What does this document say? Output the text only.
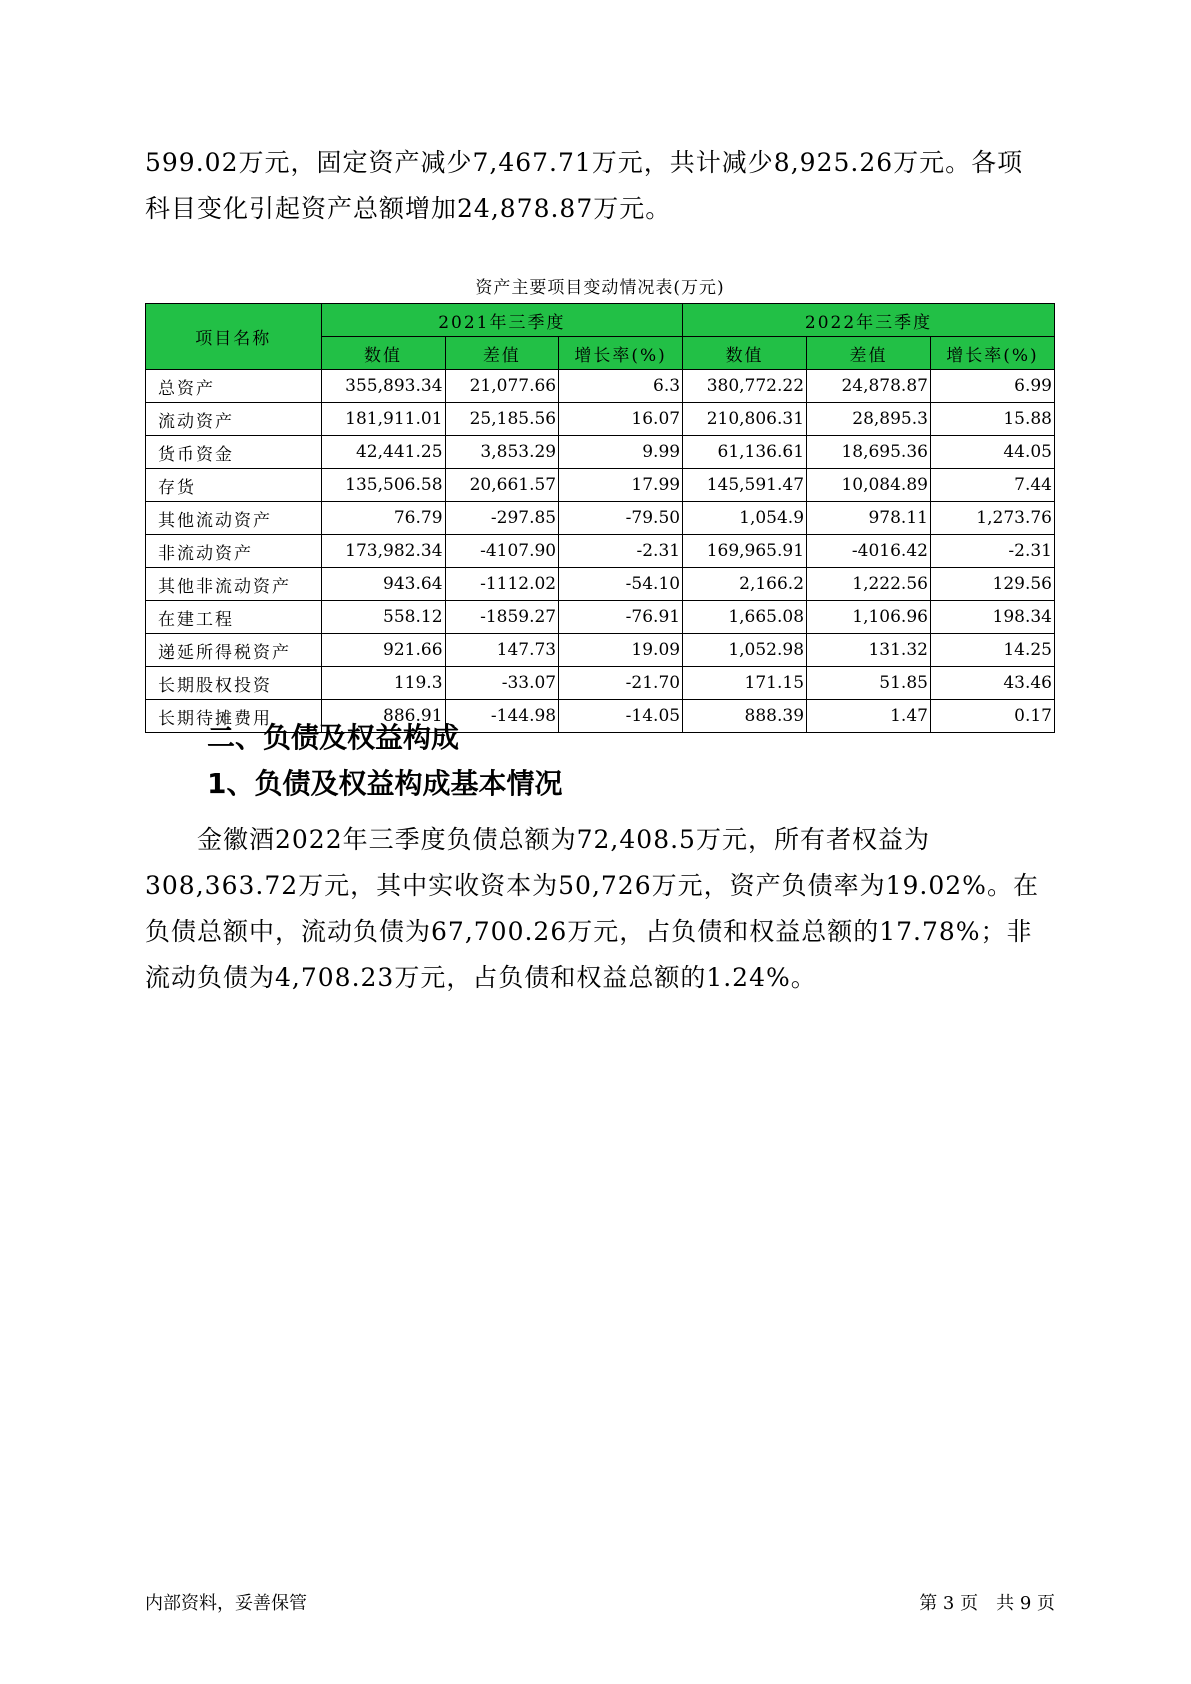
599.02万元，固定资产减少7,467.71万元，共计减少8,925.26万元。各项
科目变化引起资产总额增加24,878.87万元。

资产主要项目变动情况表(万元)
项目名称	2021年三季度			2022年三季度		
	数值	差值	增长率(%)	数值	差值	增长率(%)
总资产	355,893.34	21,077.66	6.3	380,772.22	24,878.87	6.99
流动资产	181,911.01	25,185.56	16.07	210,806.31	28,895.3	15.88
货币资金	42,441.25	3,853.29	9.99	61,136.61	18,695.36	44.05
存货	135,506.58	20,661.57	17.99	145,591.47	10,084.89	7.44
其他流动资产	76.79	-297.85	-79.50	1,054.9	978.11	1,273.76
非流动资产	173,982.34	-4107.90	-2.31	169,965.91	-4016.42	-2.31
其他非流动资产	943.64	-1112.02	-54.10	2,166.2	1,222.56	129.56
在建工程	558.12	-1859.27	-76.91	1,665.08	1,106.96	198.34
递延所得税资产	921.66	147.73	19.09	1,052.98	131.32	14.25
长期股权投资	119.3	-33.07	-21.70	171.15	51.85	43.46
长期待摊费用	886.91	-144.98	-14.05	888.39	1.47	0.17
二、负债及权益构成
1、负债及权益构成基本情况

　　金徽酒2022年三季度负债总额为72,408.5万元，所有者权益为
308,363.72万元，其中实收资本为50,726万元，资产负债率为19.02%。在
负债总额中，流动负债为67,700.26万元，占负债和权益总额的17.78%；非
流动负债为4,708.23万元，占负债和权益总额的1.24%。

内部资料，妥善保管	第 3 页　共 9 页
